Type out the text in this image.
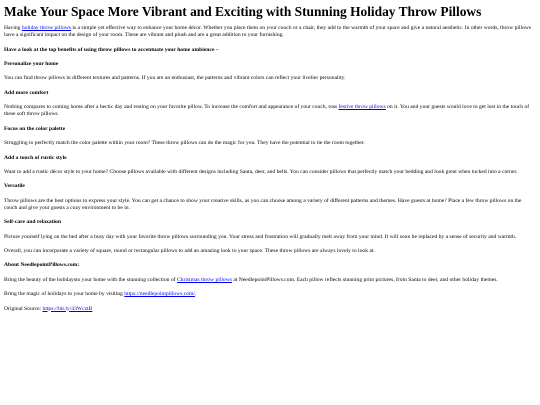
Make Your Space More Vibrant and Exciting with Stunning Holiday Throw Pillows

Having holiday throw pillows is a simple yet effective way to enhance your home décor. Whether you place them on your couch or a chair, they add to the warmth of your space and give a natural aesthetic. In other words, throw pillows have a significant impact on the design of your room. These are vibrant and plush and are a great addition to your furnishing.

Have a look at the top benefits of using throw pillows to accentuate your home ambience –
Personalize your home

You can find throw pillows in different textures and patterns. If you are an enthusiast, the patterns and vibrant colors can reflect your livelier personality.

Add more comfort

Nothing compares to coming home after a hectic day and resting on your favorite pillow. To increase the comfort and appearance of your couch, toss festive throw pillows on it. You and your guests would love to get lost in the touch of these soft throw pillows.

Focus on the color palette

Struggling to perfectly match the color palette within your room? These throw pillows can do the magic for you. They have the potential to tie the room together.

Add a touch of rustic style

Want to add a rustic décor style to your home? Choose pillows available with different designs including Santa, deer, and bells. You can consider pillows that perfectly match your bedding and look great when tucked into a corner.

Versatile

Throw pillows are the best options to express your style. You can get a chance to show your creative skills, as you can choose among a variety of different patterns and themes. Have guests at home? Place a few throw pillows on the couch and give your guests a cozy environment to be in.

Self-care and relaxation

Picture yourself lying on the bed after a busy day with your favorite throw pillows surrounding you. Your stress and frustration will gradually melt away from your mind. It will soon be replaced by a sense of security and warmth.

Overall, you can incorporate a variety of square, round or rectangular pillows to add an amazing look to your space. These throw pillows are always lovely to look at.

About NeedlepointPillows.com:

Bring the beauty of the holidaysto your home with the stunning collection of Christmas throw pillows at NeedlepointPillows.com. Each pillow reflects stunning print pictures, from Santa to deer, and other holiday themes.

Bring the magic of holidays to your home by visiting https://needlepointpillows.com/.

Original Source: https://bit.ly/43WcztB
